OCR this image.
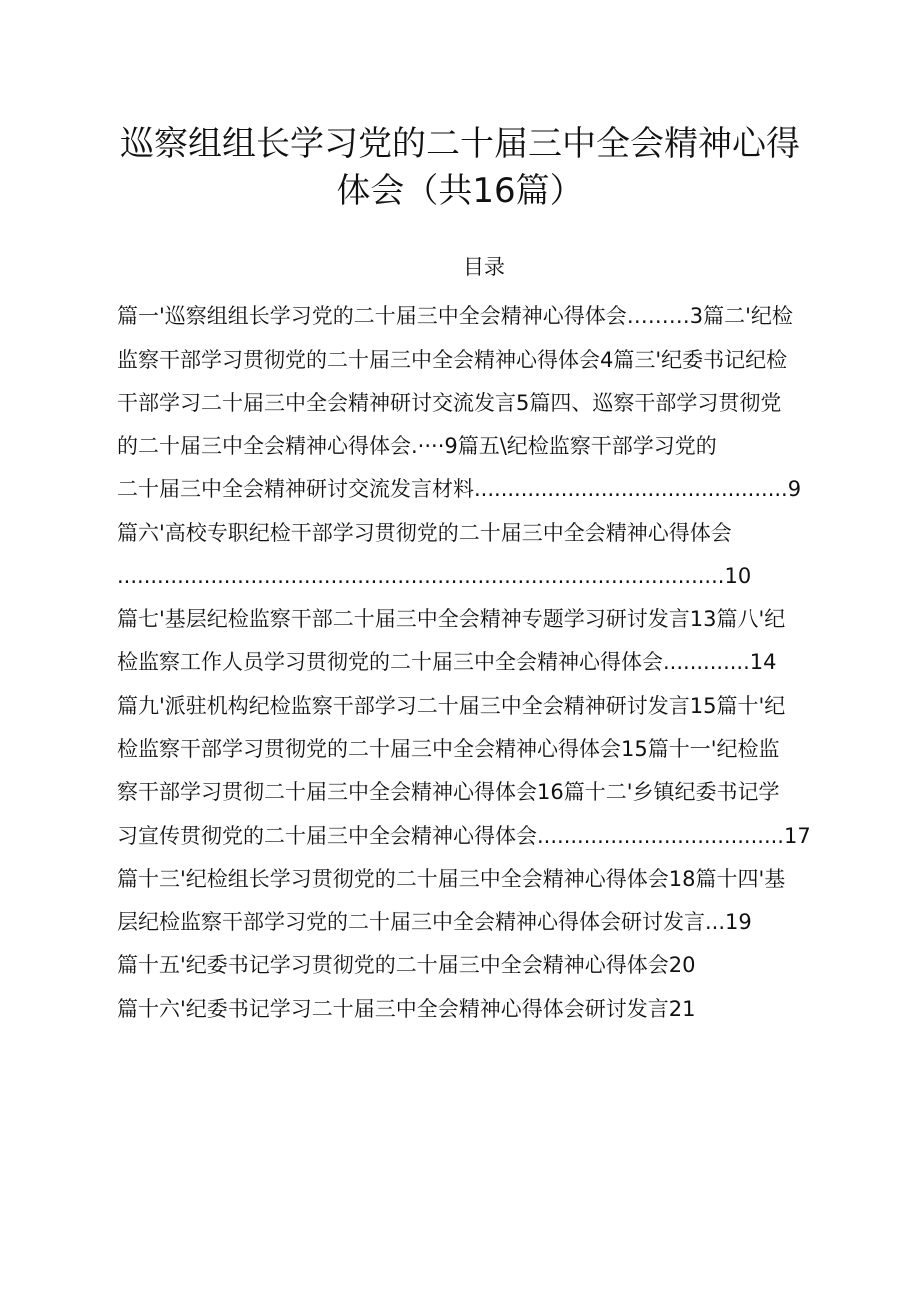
巡察组组长学习党的二十届三中全会精神心得
体会（共16篇）
目录
篇一'巡察组组长学习党的二十届三中全会精神心得体会………3篇二'纪检
监察干部学习贯彻党的二十届三中全会精神心得体会4篇三'纪委书记纪检
干部学习二十届三中全会精神研讨交流发言5篇四、巡察干部学习贯彻党
的二十届三中全会精神心得体会.····9篇五\纪检监察干部学习党的
二十届三中全会精神研讨交流发言材料...............................................9
篇六'高校专职纪检干部学习贯彻党的二十届三中全会精神心得体会
...........................................................................................10
篇七'基层纪检监察干部二十届三中全会精神专题学习研讨发言13篇八'纪
检监察工作人员学习贯彻党的二十届三中全会精神心得体会.............14
篇九'派驻机构纪检监察干部学习二十届三中全会精神研讨发言15篇十'纪
检监察干部学习贯彻党的二十届三中全会精神心得体会15篇十一'纪检监
察干部学习贯彻二十届三中全会精神心得体会16篇十二'乡镇纪委书记学
习宣传贯彻党的二十届三中全会精神心得体会.....................................17
篇十三'纪检组长学习贯彻党的二十届三中全会精神心得体会18篇十四'基
层纪检监察干部学习党的二十届三中全会精神心得体会研讨发言...19
篇十五'纪委书记学习贯彻党的二十届三中全会精神心得体会20
篇十六'纪委书记学习二十届三中全会精神心得体会研讨发言21
